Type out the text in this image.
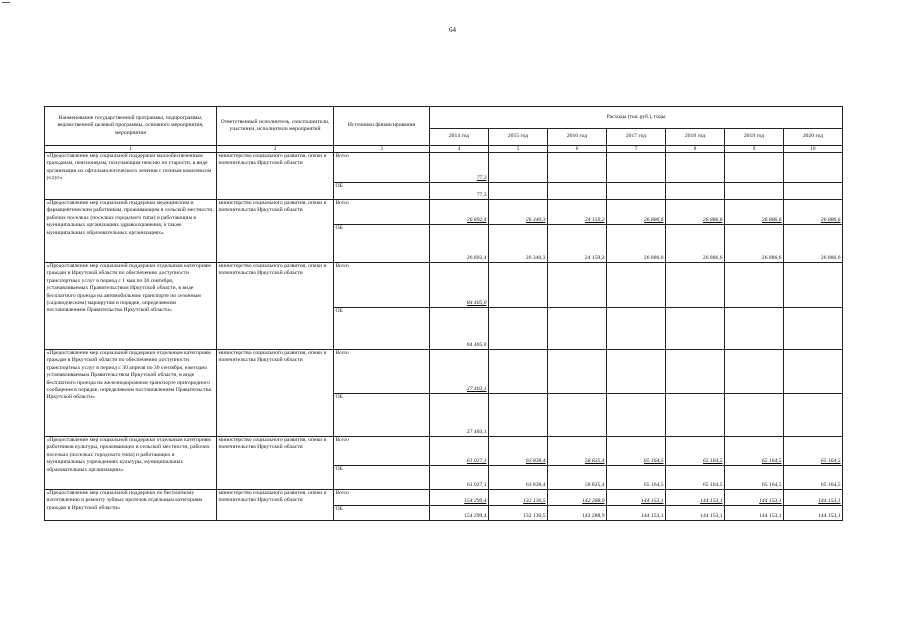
64
Наименование государственной программы, подпрограммы, ведомственной целевой программы, основного мероприятия, мероприятия	Ответственный исполнитель, соисполнители, участники, исполнители мероприятий	Источники финансирования	Расходы (тыс.руб.), годы						
			2014 год	2015 год	2016 год	2017 год	2018 год	2019 год	2020 год
1	2	3	4	5	6	7	8	9	10
«Предоставление мер социальной поддержки малообеспеченным гражданам, пенсионерам, получающим пенсию по старости, в виде организации их офтальмологического лечения с полным комплексом услуг»	министерство социального развития, опеки и попечительства Иркутской области	Всего	77,3						
		ОБ	77,3						
«Предоставление мер социальной поддержки медицинским и фармацевтическим работникам, проживающим в сельской местности, рабочих поселках (поселках городского типа) и работающим в муниципальных организациях здравоохранения, а также муниципальных образовательных организациях»	министерство социального развития, опеки и попечительства Иркутской области	Всего	26 892,4	26 340,3	24 159,2	26 886,6	26 886,6	26 886,6	26 886,6
		ОБ	26 892,4	26 340,3	24 159,2	26 886,6	26 886,6	26 886,6	26 886,6
«Предоставление мер социальной поддержки отдельным категориям граждан в Иркутской области по обеспечению доступности транспортных услуг в период с 1 мая по 30 сентября, устанавливаемых Правительством Иркутской области, в виде бесплатного проезда на автомобильном транспорте по сезонным (садоводческим) маршрутам в порядке, определяемом постановлением Правительства Иркутской области»	министерство социального развития, опеки и попечительства Иркутской области	Всего	84 405,0						
		ОБ	84 405,0						
«Предоставление мер социальной поддержки отдельным категориям граждан в Иркутской области по обеспечению доступности транспортных услуг в период с 30 апреля по 30 сентября, ежегодно устанавливаемым Правительством Иркутской области, в виде бесплатного проезда на железнодорожном транспорте пригородного сообщения в порядке, определяемом постановлением Правительства Иркутской области»	министерство социального развития, опеки и попечительства Иркутской области	Всего	27 403,1						
		ОБ	27 403,1						
«Предоставление мер социальной поддержки отдельным категориям работников культуры, проживающих в сельской местности, рабочих поселках (поселках городского типа) и работающих в муниципальных учреждениях культуры, муниципальных образовательных организациях»	министерство социального развития, опеки и попечительства Иркутской области	Всего	61 027,1	63 838,4	58 825,4	65 164,5	65 164,5	65 164,5	65 164,5
		ОБ	61 027,1	63 838,4	58 825,4	65 164,5	65 164,5	65 164,5	65 164,5
«Предоставление мер социальной поддержки по бесплатному изготовлению и ремонту зубных протезов отдельным категориям граждан в Иркутской области»	министерство социального развития, опеки и попечительства Иркутской области	Всего	154 299,4	132 130,5	142 288,9	144 153,1	144 153,1	144 153,1	144 153,1
		ОБ	154 299,4	132 130,5	142 288,9	144 153,1	144 153,1	144 153,1	144 153,1
